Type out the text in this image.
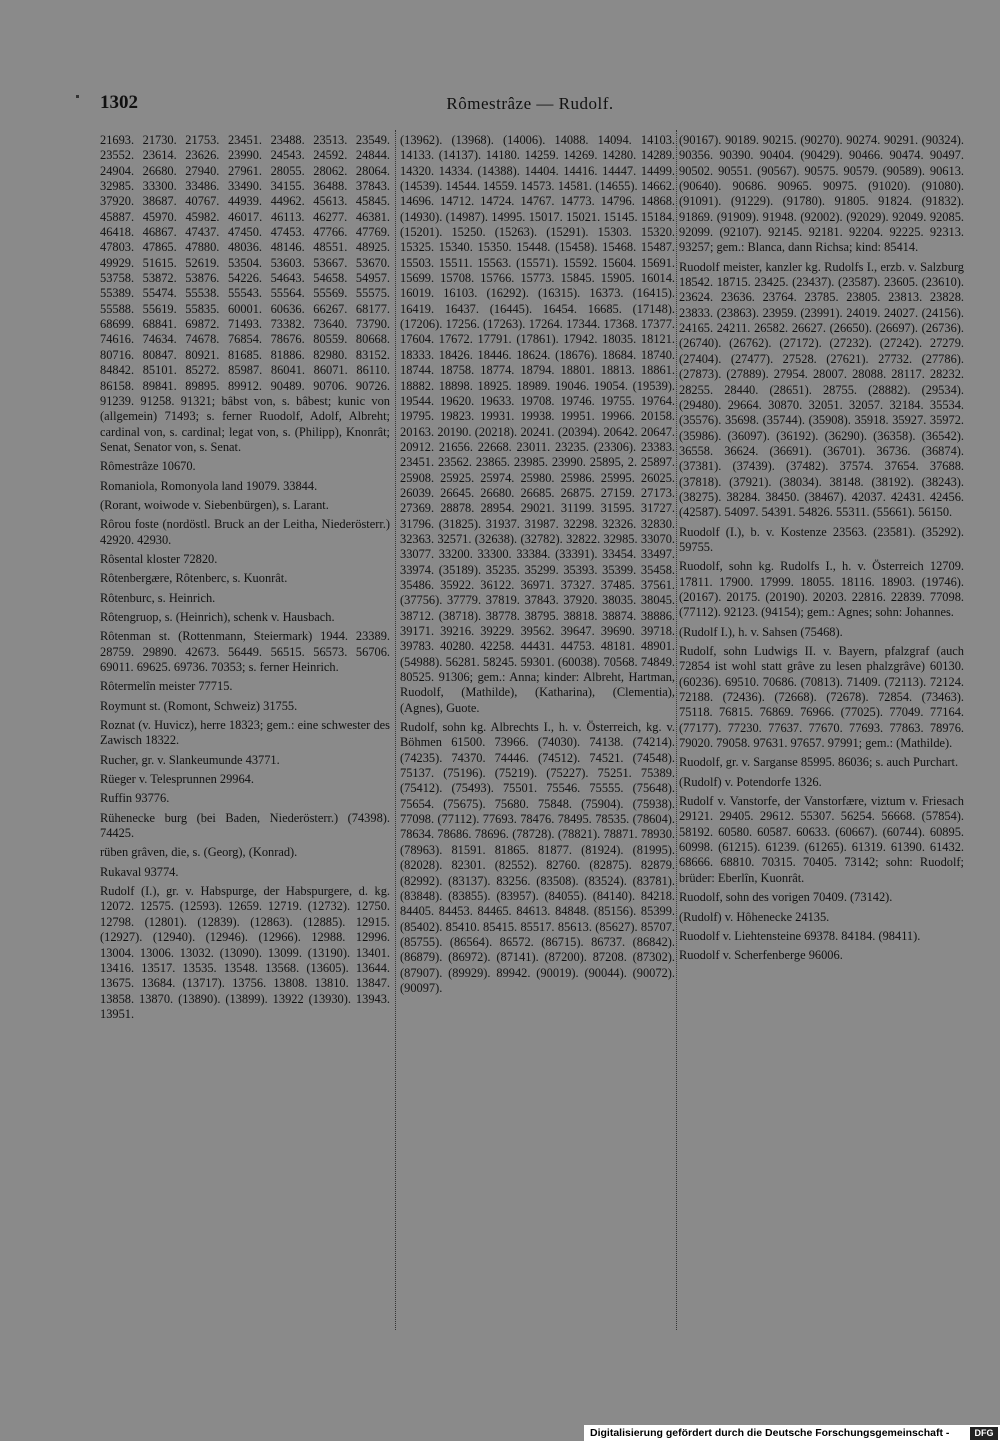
1302	Rômestrâze — Rudolf.

21693. 21730. 21753. 23451. 23488. 23513. 23549. 23552. 23614. 23626. 23990. 24543. 24592. 24844. 24904. 26680. 27940. 27961. 28055. 28062. 28064. 32985. 33300. 33486. 33490. 34155. 36488. 37843. 37920. 38687. 40767. 44939. 44962. 45613. 45845. 45887. 45970. 45982. 46017. 46113. 46277. 46381. 46418. 46867. 47437. 47450. 47453. 47766. 47769. 47803. 47865. 47880. 48036. 48146. 48551. 48925. 49929. 51615. 52619. 53504. 53603. 53667. 53670. 53758. 53872. 53876. 54226. 54643. 54658. 54957. 55389. 55474. 55538. 55543. 55564. 55569. 55575. 55588. 55619. 55835. 60001. 60636. 66267. 68177. 68699. 68841. 69872. 71493. 73382. 73640. 73790. 74616. 74634. 74678. 76854. 78676. 80559. 80668. 80716. 80847. 80921. 81685. 81886. 82980. 83152. 84842. 85101. 85272. 85987. 86041. 86071. 86110. 86158. 89841. 89895. 89912. 90489. 90706. 90726. 91239. 91258. 91321; bâbst von, s. bâbest; kunic von (allgemein) 71493; s. ferner Ruodolf, Adolf, Albreht; cardinal von, s. cardinal; legat von, s. (Philipp), Knonrât; Senat, Senator von, s. Senat.

Rômestrâze 10670.

Romaniola, Romonyola land 19079. 33844.

(Rorant, woiwode v. Siebenbürgen), s. Larant.

Rôrou foste (nordöstl. Bruck an der Leitha, Niederösterr.) 42920. 42930.

Rôsental kloster 72820.

Rôtenbergære, Rôtenberc, s. Kuonrât.

Rôtenburc, s. Heinrich.

Rôtengruop, s. (Heinrich), schenk v. Hausbach.

Rôtenman st. (Rottenmann, Steiermark) 1944. 23389. 28759. 29890. 42673. 56449. 56515. 56573. 56706. 69011. 69625. 69736. 70353; s. ferner Heinrich.

Rôtermelîn meister 77715.

Roymunt st. (Romont, Schweiz) 31755.

Roznat (v. Huvicz), herre 18323; gem.: eine schwester des Zawisch 18322.

Rucher, gr. v. Slankeumunde 43771.

Rüeger v. Telesprunnen 29964.

Ruffin 93776.

Rühenecke burg (bei Baden, Niederösterr.) (74398). 74425.

rüben grâven, die, s. (Georg), (Konrad).

Rukaval 93774.

Rudolf (I.), gr. v. Habspurge, der Habspurgere, d. kg. 12072. 12575. (12593). 12659. 12719. (12732). 12750. 12798. (12801). (12839). (12863). (12885). 12915. (12927). (12940). (12946). (12966). 12988. 12996. 13004. 13006. 13032. (13090). 13099. (13190). 13401. 13416. 13517. 13535. 13548. 13568. (13605). 13644. 13675. 13684. (13717). 13756. 13808. 13810. 13847. 13858. 13870. (13890). (13899). 13922 (13930). 13943. 13951.

(13962). (13968). (14006). 14088. 14094. 14103. 14133. (14137). 14180. 14259. 14269. 14280. 14289. 14320. 14334. (14388). 14404. 14416. 14447. 14499. (14539). 14544. 14559. 14573. 14581. (14655). 14662. 14696. 14712. 14724. 14767. 14773. 14796. 14868. (14930). (14987). 14995. 15017. 15021. 15145. 15184. (15201). 15250. (15263). (15291). 15303. 15320. 15325. 15340. 15350. 15448. (15458). 15468. 15487. 15503. 15511. 15563. (15571). 15592. 15604. 15691. 15699. 15708. 15766. 15773. 15845. 15905. 16014. 16019. 16103. (16292). (16315). 16373. (16415). 16419. 16437. (16445). 16454. 16685. (17148). (17206). 17256. (17263). 17264. 17344. 17368. 17377. 17604. 17672. 17791. (17861). 17942. 18035. 18121. 18333. 18426. 18446. 18624. (18676). 18684. 18740. 18744. 18758. 18774. 18794. 18801. 18813. 18861. 18882. 18898. 18925. 18989. 19046. 19054. (19539). 19544. 19620. 19633. 19708. 19746. 19755. 19764. 19795. 19823. 19931. 19938. 19951. 19966. 20158. 20163. 20190. (20218). 20241. (20394). 20642. 20647. 20912. 21656. 22668. 23011. 23235. (23306). 23383. 23451. 23562. 23865. 23985. 23990. 25895, 2. 25897. 25908. 25925. 25974. 25980. 25986. 25995. 26025. 26039. 26645. 26680. 26685. 26875. 27159. 27173. 27369. 28878. 28954. 29021. 31199. 31595. 31727. 31796. (31825). 31937. 31987. 32298. 32326. 32830. 32363. 32571. (32638). (32782). 32822. 32985. 33070. 33077. 33200. 33300. 33384. (33391). 33454. 33497. 33974. (35189). 35235. 35299. 35393. 35399. 35458. 35486. 35922. 36122. 36971. 37327. 37485. 37561. (37756). 37779. 37819. 37843. 37920. 38035. 38045. 38712. (38718). 38778. 38795. 38818. 38874. 38886. 39171. 39216. 39229. 39562. 39647. 39690. 39718. 39783. 40280. 42258. 44431. 44753. 48181. 48901. (54988). 56281. 58245. 59301. (60038). 70568. 74849. 80525. 91306; gem.: Anna; kinder: Albreht, Hartman, Ruodolf, (Mathilde), (Katharina), (Clementia), (Agnes), Guote.

Rudolf, sohn kg. Albrechts I., h. v. Österreich, kg. v. Böhmen 61500. 73966. (74030). 74138. (74214). (74235). 74370. 74446. (74512). 74521. (74548). 75137. (75196). (75219). (75227). 75251. 75389. (75412). (75493). 75501. 75546. 75555. (75648). 75654. (75675). 75680. 75848. (75904). (75938). 77098. (77112). 77693. 78476. 78495. 78535. (78604). 78634. 78686. 78696. (78728). (78821). 78871. 78930. (78963). 81591. 81865. 81877. (81924). (81995). (82028). 82301. (82552). 82760. (82875). 82879. (82992). (83137). 83256. (83508). (83524). (83781). (83848). (83855). (83957). (84055). (84140). 84218. 84405. 84453. 84465. 84613. 84848. (85156). 85399. (85402). 85410. 85415. 85517. 85613. (85627). 85707. (85755). (86564). 86572. (86715). 86737. (86842). (86879). (86972). (87141). (87200). 87208. (87302). (87907). (89929). 89942. (90019). (90044). (90072). (90097).

(90167). 90189. 90215. (90270). 90274. 90291. (90324). 90356. 90390. 90404. (90429). 90466. 90474. 90497. 90502. 90551. (90567). 90575. 90579. (90589). 90613. (90640). 90686. 90965. 90975. (91020). (91080). (91091). (91229). (91780). 91805. 91824. (91832). 91869. (91909). 91948. (92002). (92029). 92049. 92085. 92099. (92107). 92145. 92181. 92204. 92225. 92313. 93257; gem.: Blanca, dann Richsa; kind: 85414.

Ruodolf meister, kanzler kg. Rudolfs I., erzb. v. Salzburg 18542. 18715. 23425. (23437). (23587). 23605. (23610). 23624. 23636. 23764. 23785. 23805. 23813. 23828. 23833. (23863). 23959. (23991). 24019. 24027. (24156). 24165. 24211. 26582. 26627. (26650). (26697). (26736). (26740). (26762). (27172). (27232). (27242). 27279. (27404). (27477). 27528. (27621). 27732. (27786). (27873). (27889). 27954. 28007. 28088. 28117. 28232. 28255. 28440. (28651). 28755. (28882). (29534). (29480). 29664. 30870. 32051. 32057. 32184. 35534. (35576). 35698. (35744). (35908). 35918. 35927. 35972. (35986). (36097). (36192). (36290). (36358). (36542). 36558. 36624. (36691). (36701). 36736. (36874). (37381). (37439). (37482). 37574. 37654. 37688. (37818). (37921). (38034). 38148. (38192). (38243). (38275). 38284. 38450. (38467). 42037. 42431. 42456. (42587). 54097. 54391. 54826. 55311. (55661). 56150.

Ruodolf (I.), b. v. Kostenze 23563. (23581). (35292). 59755.

Ruodolf, sohn kg. Rudolfs I., h. v. Österreich 12709. 17811. 17900. 17999. 18055. 18116. 18903. (19746). (20167). 20175. (20190). 20203. 22816. 22839. 77098. (77112). 92123. (94154); gem.: Agnes; sohn: Johannes.

(Rudolf I.), h. v. Sahsen (75468).

Rudolf, sohn Ludwigs II. v. Bayern, pfalzgraf (auch 72854 ist wohl statt grâve zu lesen phalzgrâve) 60130. (60236). 69510. 70686. (70813). 71409. (72113). 72124. 72188. (72436). (72668). (72678). 72854. (73463). 75118. 76815. 76869. 76966. (77025). 77049. 77164. (77177). 77230. 77637. 77670. 77693. 77863. 78976. 79020. 79058. 97631. 97657. 97991; gem.: (Mathilde).

Ruodolf, gr. v. Sarganse 85995. 86036; s. auch Purchart.

(Rudolf) v. Potendorfe 1326.

Rudolf v. Vanstorfe, der Vanstorfære, viztum v. Friesach 29121. 29405. 29612. 55307. 56254. 56668. (57854). 58192. 60580. 60587. 60633. (60667). (60744). 60895. 60998. (61215). 61239. (61265). 61319. 61390. 61432. 68666. 68810. 70315. 70405. 73142; sohn: Ruodolf; brüder: Eberlîn, Kuonrât.

Ruodolf, sohn des vorigen 70409. (73142).

(Rudolf) v. Hôhenecke 24135.

Ruodolf v. Liehtensteine 69378. 84184. (98411).

Ruodolf v. Scherfenberge 96006.

Digitalisierung gefördert durch die Deutsche Forschungsgemeinschaft -	DFG
